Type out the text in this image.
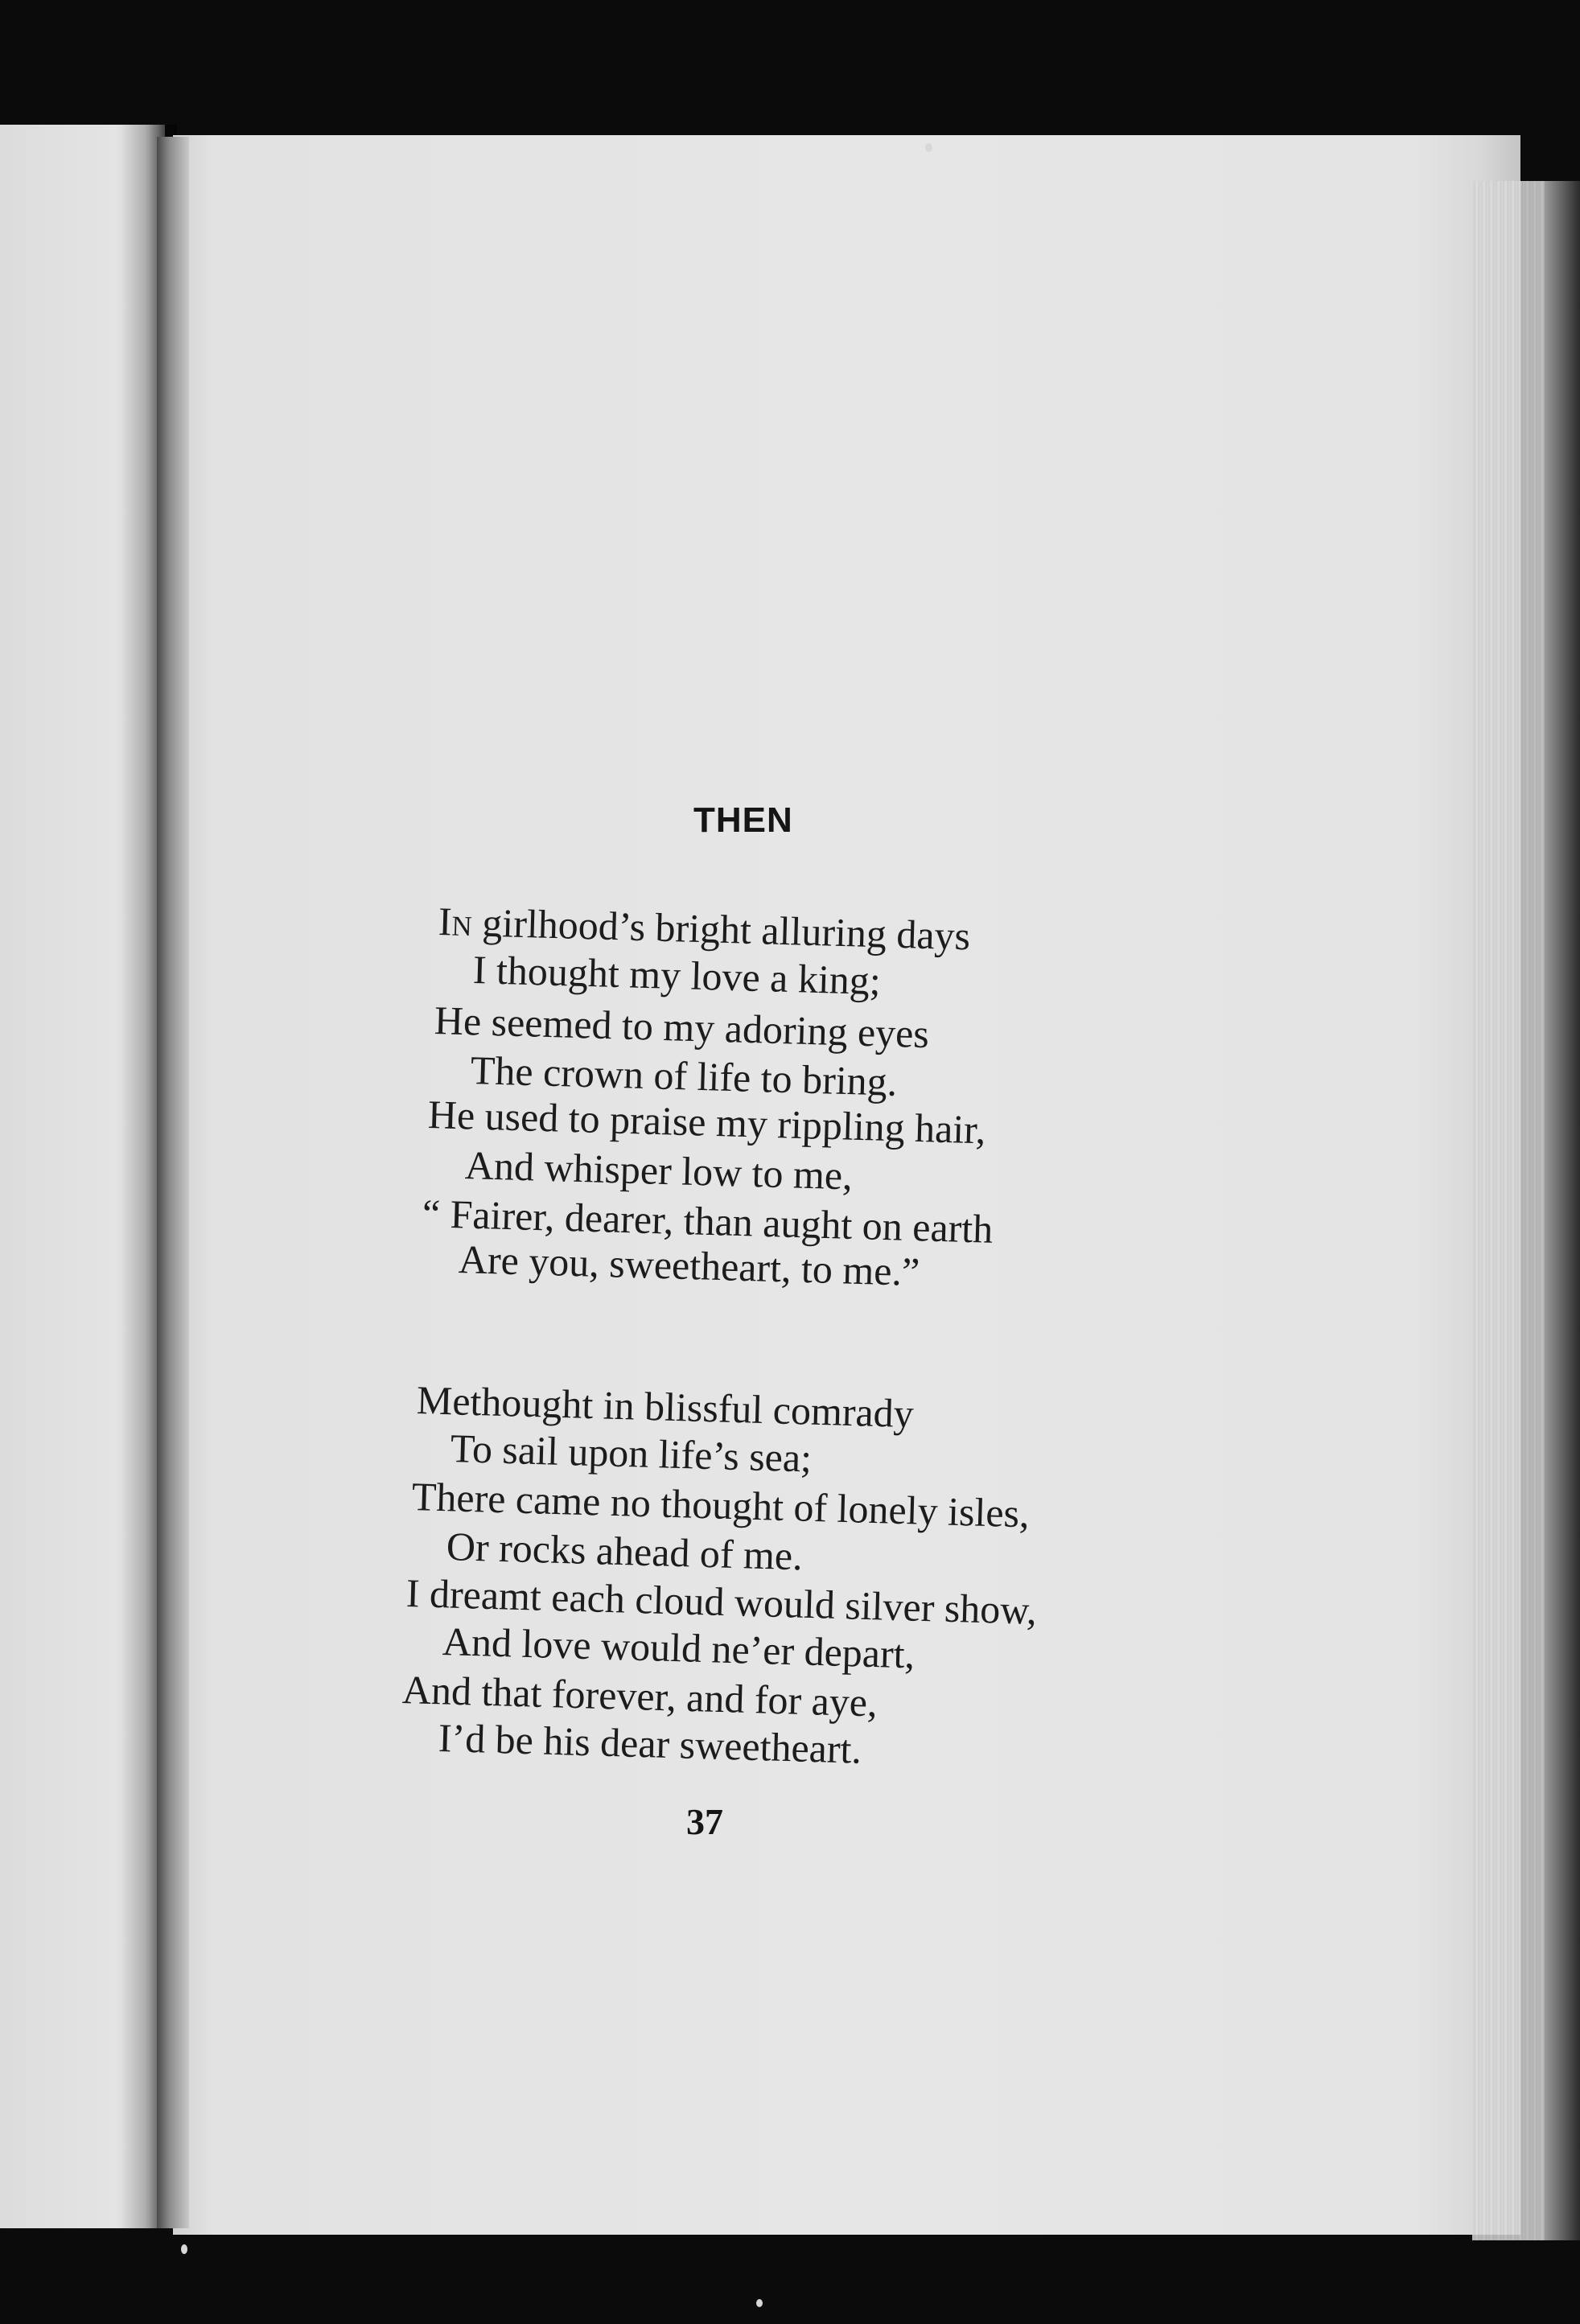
THEN
In girlhood’s bright alluring days
I thought my love a king;
He seemed to my adoring eyes
The crown of life to bring.
He used to praise my rippling hair,
And whisper low to me,
“ Fairer, dearer, than aught on earth
Are you, sweetheart, to me.”
Methought in blissful comrady
To sail upon life’s sea;
There came no thought of lonely isles,
Or rocks ahead of me.
I dreamt each cloud would silver show,
And love would ne’er depart,
And that forever, and for aye,
I’d be his dear sweetheart.
37
